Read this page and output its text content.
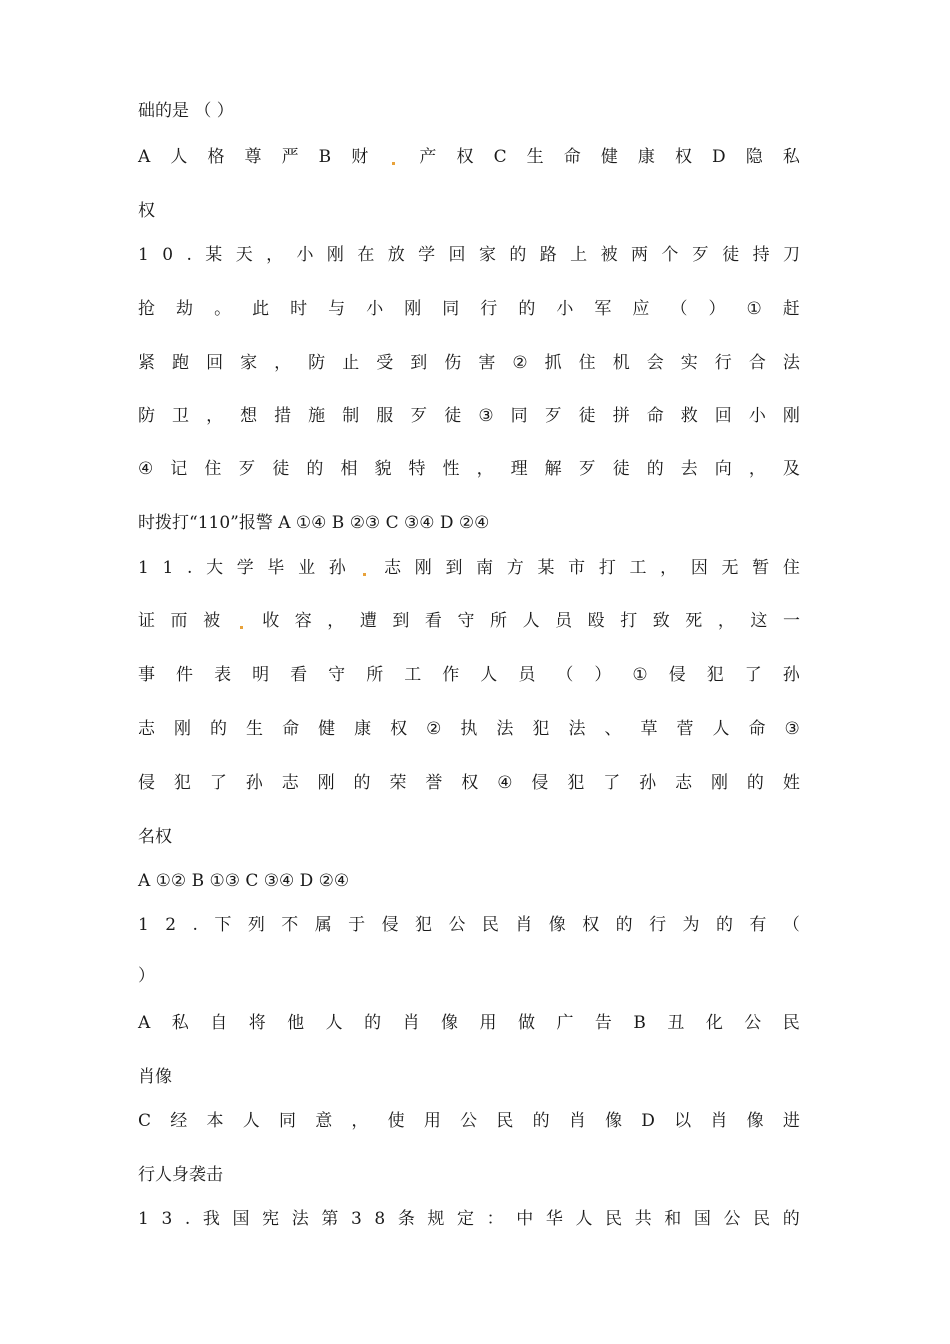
础的是 （ ）
A 人 格 尊 严 B 财	产 权 C 生 命 健 康 权 D 隐 私
权
1 0 . 某 天 ， 小 刚 在 放 学 回 家 的 路 上 被 两 个 歹 徒 持 刀
抢 劫 。 此 时 与 小 刚 同 行 的 小 军 应 （ ） ① 赶
紧 跑 回 家 ， 防 止 受 到 伤 害 ② 抓 住 机 会 实 行 合 法
防 卫 ， 想 措 施 制 服 歹 徒 ③ 同 歹 徒 拼 命 救 回 小 刚
④ 记 住 歹 徒 的 相 貌 特 性 ， 理 解 歹 徒 的 去 向 ， 及
时拨打“110”报警 A ①④ B ②③ C ③④ D ②④
1 1 . 大 学 毕 业 孙 志 刚 到 南 方 某 市 打 工 ， 因 无 暂 住
证 而 被 收 容 ， 遭 到 看 守 所 人 员 殴 打 致 死 ， 这 一
事 件 表 明 看 守 所 工 作 人 员 （ ） ① 侵 犯 了 孙
志 刚 的 生 命 健 康 权 ② 执 法 犯 法 、 草 菅 人 命 ③
侵 犯 了 孙 志 刚 的 荣 誉 权 ④ 侵 犯 了 孙 志 刚 的 姓
名权
A ①② B ①③ C ③④ D ②④
1 2 . 下 列 不 属 于 侵 犯 公 民 肖 像 权 的 行 为 的 有 （
）
A 私 自 将 他 人 的 肖 像 用 做 广 告 B 丑 化 公 民
肖像
C 经 本 人 同 意 ， 使 用 公 民 的 肖 像 D 以 肖 像 进
行人身袭击
1 3 . 我 国 宪 法 第 3 8 条 规 定 ： 中 华 人 民 共 和 国 公 民 的
